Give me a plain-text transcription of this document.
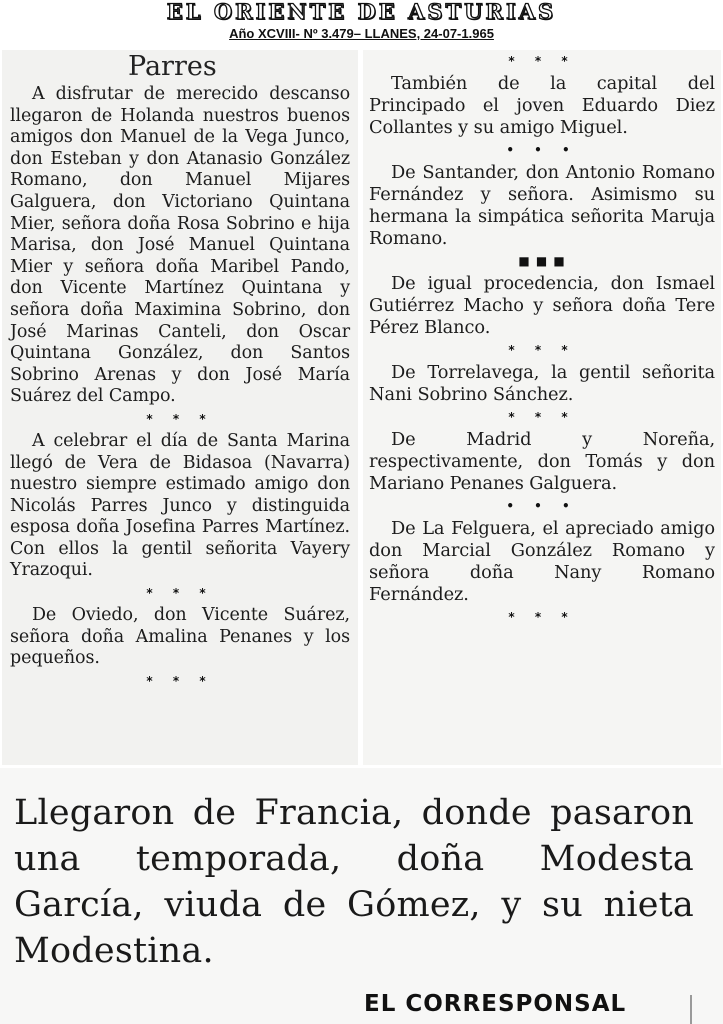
EL ORIENTE DE ASTURIAS
Año XCVIII- Nº 3.479– LLANES, 24-07-1.965
Parres

A disfrutar de merecido descanso llegaron de Holanda nuestros buenos amigos don Manuel de la Vega Junco, don Esteban y don Atanasio González Romano, don Manuel Mijares Galguera, don Victoriano Quintana Mier, señora doña Rosa Sobrino e hija Marisa, don José Manuel Quintana Mier y señora doña Maribel Pando, don Vicente Martínez Quintana y señora doña Maximina Sobrino, don José Marinas Canteli, don Oscar Quintana González, don Santos Sobrino Arenas y don José María Suárez del Campo.

* * *

A celebrar el día de Santa Marina llegó de Vera de Bidasoa (Navarra) nuestro siempre estimado amigo don Nicolás Parres Junco y distinguida esposa doña Josefina Parres Martínez. Con ellos la gentil señorita Vayery Yrazoqui.

* * *

De Oviedo, don Vicente Suárez, señora doña Amalina Penanes y los pequeños.

* * *
* * *

También de la capital del Principado el joven Eduardo Diez Collantes y su amigo Miguel.

• • •

De Santander, don Antonio Romano Fernández y señora. Asimismo su hermana la simpática señorita Maruja Romano.

■ ■ ■

De igual procedencia, don Ismael Gutiérrez Macho y señora doña Tere Pérez Blanco.

* * *

De Torrelavega, la gentil señorita Nani Sobrino Sánchez.

* * *

De Madrid y Noreña, respectivamente, don Tomás y don Mariano Penanes Galguera.

• • •

De La Felguera, el apreciado amigo don Marcial González Romano y señora doña Nany Romano Fernández.

* * *
Llegaron de Francia, donde pasaron una temporada, doña Modesta García, viuda de Gómez, y su nieta Modestina.
EL CORRESPONSAL
